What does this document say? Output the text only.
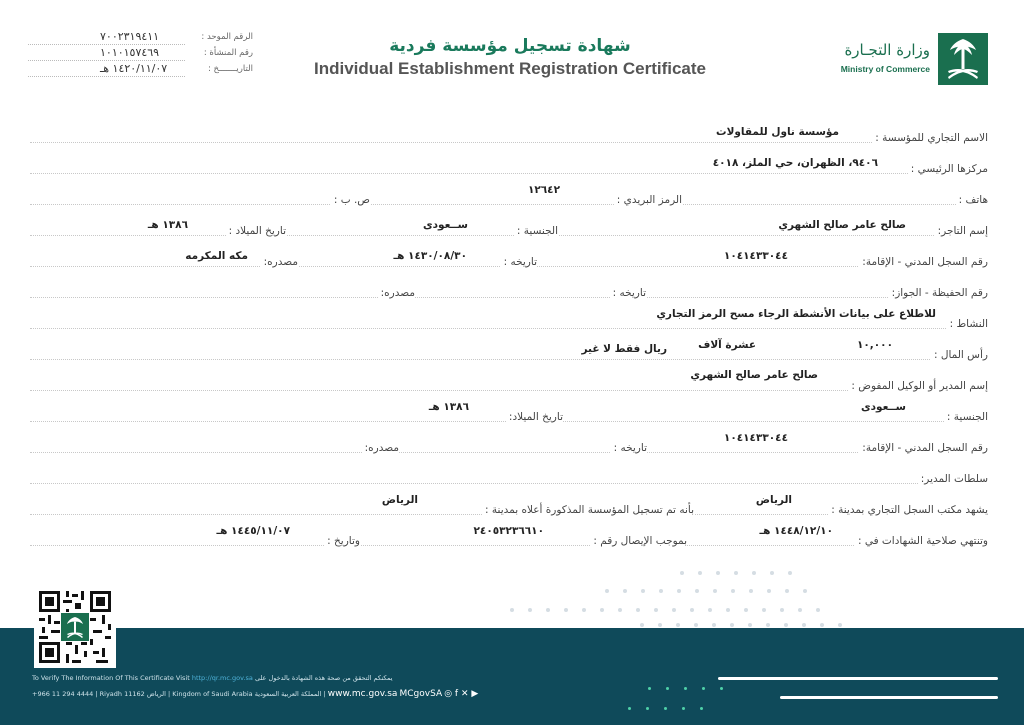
الرقم الموحد :
٧٠٠٢٣١٩٤١١
رقم المنشأة :
١٠١٠١٥٧٤٦٩
التاريـــــــخ :
١٤٢٠/١١/٠٧ هـ
شهادة تسجيل مؤسسة فردية
Individual Establishment Registration Certificate
وزارة التجـارة
Ministry of Commerce
الاسم التجاري للمؤسسة :
مؤسسة ناول للمقاولات
مركزها الرئيسي :
٩٤٠٦، الظهران، حي الملز، ٤٠١٨
هاتف :
الرمز البريدي :
١٢٦٤٢
ص. ب :
إسم التاجر:
صالح عامر صالح الشهري
الجنسية :
ســعودى
تاريخ الميلاد :
١٣٨٦ هـ
رقم السجل المدني - الإقامة:
١٠٤١٤٣٣٠٤٤
تاريخه :
١٤٣٠/٠٨/٣٠ هـ
مصدره:
مكه المكرمه
رقم الحفيظة - الجواز:
تاريخه :
مصدره:
النشاط :
للاطلاع على بيانات الأنشطة الرجاء مسح الرمز التجاري
رأس المال :
١٠,٠٠٠
عشرة آلاف
ريال فقط لا غير
إسم المدير أو الوكيل المفوض :
صالح عامر صالح الشهري
الجنسية :
ســعودى
تاريخ الميلاد:
١٣٨٦ هـ
رقم السجل المدني - الإقامة:
١٠٤١٤٣٣٠٤٤
تاريخه :
مصدره:
سلطات المدير:
يشهد مكتب السجل التجاري بمدينة :
الرياض
بأنه تم تسجيل المؤسسة المذكورة أعلاه بمدينة :
الرياض
وتنتهي صلاحية الشهادات في :
١٤٤٨/١٢/١٠ هـ
بموجب الإيصال رقم :
٢٤٠٥٣٢٣٦٦١٠
وتاريخ :
١٤٤٥/١١/٠٧ هـ
To Verify The Information Of This Certificate Visit http://qr.mc.gov.sa يمكنكم التحقق من صحة هذه الشهادة بالدخول على
+966 11 294 4444 | Riyadh 11162 الرياض | Kingdom of Saudi Arabia المملكة العربية السعودية | www.mc.gov.sa MCgovSA ◎ f ✕ ▶
